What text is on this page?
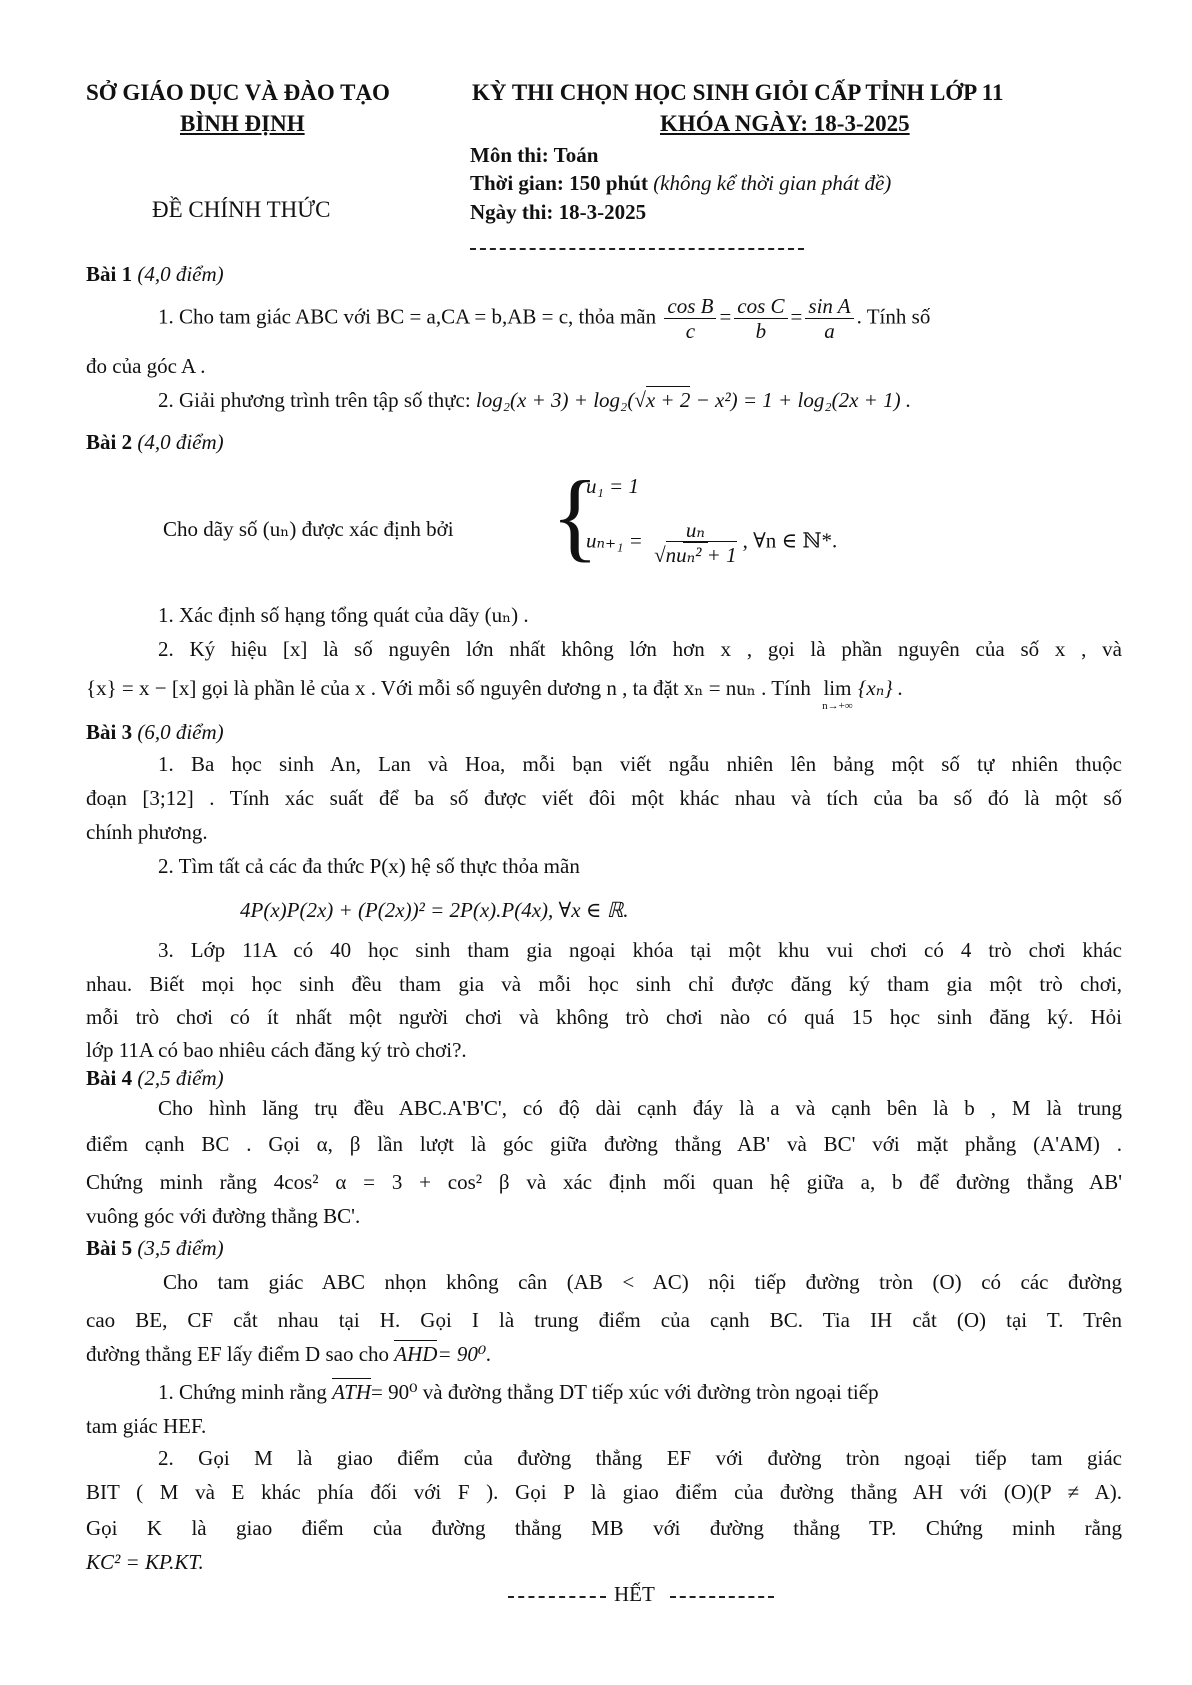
SỞ GIÁO DỤC VÀ ĐÀO TẠO
BÌNH ĐỊNH
ĐỀ CHÍNH THỨC
KỲ THI CHỌN HỌC SINH GIỎI CẤP TỈNH LỚP 11
KHÓA NGÀY: 18-3-2025
Môn thi: Toán
Thời gian: 150 phút (không kể thời gian phát đề)
Ngày thi: 18-3-2025
Bài 1 (4,0 điểm)
1. Cho tam giác ABC với BC = a,CA = b,AB = c, thỏa mãn $\frac{\text{cos B}}{c} = \frac{\text{cos C}}{b} = \frac{\text{sin A}}{a}$ . Tính số
đo của góc A .
2. Giải phương trình trên tập số thực: log₂(x + 3) + log₂(√x + 2 − x²) = 1 + log₂(2x + 1) .
Bài 2 (4,0 điểm)
Cho dãy số (uₙ) được xác định bởi {
u₁ = 1
$u_{n+1} = \frac{\text{uₙ}}{\text{√nuₙ² + 1}}$ , ∀n ∈ ℕ*.
1. Xác định số hạng tổng quát của dãy (uₙ) .
2. Ký hiệu [x] là số nguyên lớn nhất không lớn hơn x , gọi là phần nguyên của số x , và
{x} = x − [x] gọi là phần lẻ của x . Với mỗi số nguyên dương n , ta đặt xₙ = nuₙ . Tính lim
n→+∞
{xₙ} .
Bài 3 (6,0 điểm)
1. Ba học sinh An, Lan và Hoa, mỗi bạn viết ngẫu nhiên lên bảng một số tự nhiên thuộc
đoạn [3;12] . Tính xác suất để ba số được viết đôi một khác nhau và tích của ba số đó là một số
chính phương.
2. Tìm tất cả các đa thức P(x) hệ số thực thỏa mãn
4P(x)P(2x) + (P(2x))² = 2P(x).P(4x), ∀x ∈ ℝ.
3. Lớp 11A có 40 học sinh tham gia ngoại khóa tại một khu vui chơi có 4 trò chơi khác
nhau. Biết mọi học sinh đều tham gia và mỗi học sinh chỉ được đăng ký tham gia một trò chơi,
mỗi trò chơi có ít nhất một người chơi và không trò chơi nào có quá 15 học sinh đăng ký. Hỏi
lớp 11A có bao nhiêu cách đăng ký trò chơi?.
Bài 4 (2,5 điểm)
Cho hình lăng trụ đều ABC.A'B'C', có độ dài cạnh đáy là a và cạnh bên là b , M là trung
điểm cạnh BC . Gọi α, β lần lượt là góc giữa đường thẳng AB' và BC' với mặt phẳng (A'AM) .
Chứng minh rằng 4cos² α = 3 + cos² β và xác định mối quan hệ giữa a, b để đường thẳng AB'
vuông góc với đường thẳng BC'.
Bài 5 (3,5 điểm)
Cho tam giác ABC nhọn không cân (AB < AC) nội tiếp đường tròn (O) có các đường
cao BE, CF cắt nhau tại H. Gọi I là trung điểm của cạnh BC. Tia IH cắt (O) tại T. Trên
đường thẳng EF lấy điểm D sao cho AHD= 90⁰.
1. Chứng minh rằng ATH= 90⁰ và đường thẳng DT tiếp xúc với đường tròn ngoại tiếp
tam giác HEF.
2. Gọi M là giao điểm của đường thẳng EF với đường tròn ngoại tiếp tam giác
BIT ( M và E khác phía đối với F ). Gọi P là giao điểm của đường thẳng AH với (O)(P ≠ A).
Gọi K là giao điểm của đường thẳng MB với đường thẳng TP. Chứng minh rằng
KC² = KP.KT.
HẾT
